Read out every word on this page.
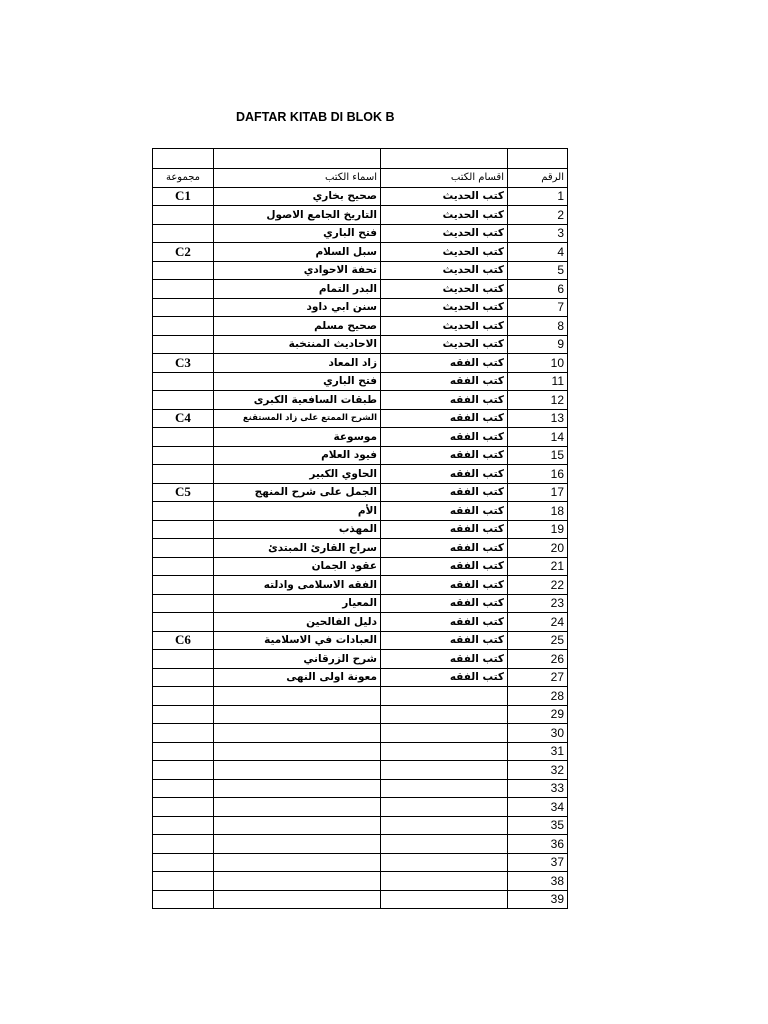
DAFTAR KITAB DI BLOK B

مجموعة	اسماء الكتب	اقسام الكتب	الرقم
C1	صحيح بخاري	كتب الحديث	1
	التاريخ الجامع الاصول	كتب الحديث	2
	فتح الباري	كتب الحديث	3
C2	سبل السلام	كتب الحديث	4
	تحفة الاحوادي	كتب الحديث	5
	البدر التمام	كتب الحديث	6
	سنن ابي داود	كتب الحديث	7
	صحيح مسلم	كتب الحديث	8
	الاحاديث المنتخبة	كتب الحديث	9
C3	زاد المعاد	كتب الفقه	10
	فتح الباري	كتب الفقه	11
	طبقات السافعية الكبرى	كتب الفقه	12
C4	الشرح الممتع على زاد المستقنع	كتب الفقه	13
	موسوعة	كتب الفقه	14
	فيود العلام	كتب الفقه	15
	الحاوي الكبير	كتب الفقه	16
C5	الجمل على شرح المنهج	كتب الفقه	17
	الأم	كتب الفقه	18
	المهذب	كتب الفقه	19
	سراج القارئ المبتدئ	كتب الفقه	20
	عقود الجمان	كتب الفقه	21
	الفقه الاسلامى وادلته	كتب الفقه	22
	المعيار	كتب الفقه	23
	دليل الفالحين	كتب الفقه	24
C6	العبادات في الاسلامية	كتب الفقه	25
	شرح الزرقاني	كتب الفقه	26
	معونة اولى النهى	كتب الفقه	27
			28
			29
			30
			31
			32
			33
			34
			35
			36
			37
			38
			39
